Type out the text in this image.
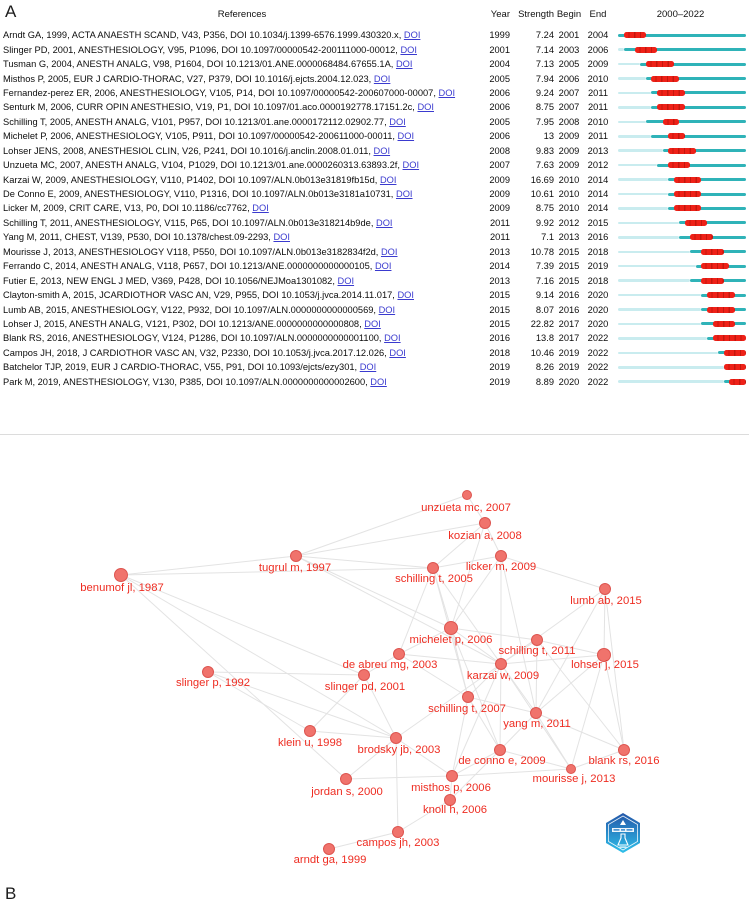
A	References	Year Strength Begin End	2000–2022
Arndt GA, 1999, ACTA ANAESTH SCAND, V43, P356, DOI 10.1034/j.1399-6576.1999.430320.x, DOI	1999	7.24 2001 2004
Slinger PD, 2001, ANESTHESIOLOGY, V95, P1096, DOI 10.1097/00000542-200111000-00012, DOI	2001	7.14 2003 2006
Tusman G, 2004, ANESTH ANALG, V98, P1604, DOI 10.1213/01.ANE.0000068484.67655.1A, DOI	2004	7.13 2005 2009
Misthos P, 2005, EUR J CARDIO-THORAC, V27, P379, DOI 10.1016/j.ejcts.2004.12.023, DOI	2005	7.94 2006 2010
Fernandez-perez ER, 2006, ANESTHESIOLOGY, V105, P14, DOI 10.1097/00000542-200607000-00007, DOI	2006	9.24 2007 2011
Senturk M, 2006, CURR OPIN ANESTHESIO, V19, P1, DOI 10.1097/01.aco.0000192778.17151.2c, DOI	2006	8.75 2007 2011
Schilling T, 2005, ANESTH ANALG, V101, P957, DOI 10.1213/01.ane.0000172112.02902.77, DOI	2005	7.95 2008 2010
Michelet P, 2006, ANESTHESIOLOGY, V105, P911, DOI 10.1097/00000542-200611000-00011, DOI	2006	13 2009 2011
Lohser JENS, 2008, ANESTHESIOL CLIN, V26, P241, DOI 10.1016/j.anclin.2008.01.011, DOI	2008	9.83 2009 2013
Unzueta MC, 2007, ANESTH ANALG, V104, P1029, DOI 10.1213/01.ane.0000260313.63893.2f, DOI	2007	7.63 2009 2012
Karzai W, 2009, ANESTHESIOLOGY, V110, P1402, DOI 10.1097/ALN.0b013e31819fb15d, DOI	2009	16.69 2010 2014
De Conno E, 2009, ANESTHESIOLOGY, V110, P1316, DOI 10.1097/ALN.0b013e3181a10731, DOI	2009	10.61 2010 2014
Licker M, 2009, CRIT CARE, V13, P0, DOI 10.1186/cc7762, DOI	2009	8.75 2010 2014
Schilling T, 2011, ANESTHESIOLOGY, V115, P65, DOI 10.1097/ALN.0b013e318214b9de, DOI	2011	9.92 2012 2015
Yang M, 2011, CHEST, V139, P530, DOI 10.1378/chest.09-2293, DOI	2011	7.1 2013 2016
Mourisse J, 2013, ANESTHESIOLOGY V118, P550, DOI 10.1097/ALN.0b013e3182834f2d, DOI	2013	10.78 2015 2018
Ferrando C, 2014, ANESTH ANALG, V118, P657, DOI 10.1213/ANE.0000000000000105, DOI	2014	7.39 2015 2019
Futier E, 2013, NEW ENGL J MED, V369, P428, DOI 10.1056/NEJMoa1301082, DOI	2013	7.16 2015 2018
Clayton-smith A, 2015, JCARDIOTHOR VASC AN, V29, P955, DOI 10.1053/j.jvca.2014.11.017, DOI	2015	9.14 2016 2020
Lumb AB, 2015, ANESTHESIOLOGY, V122, P932, DOI 10.1097/ALN.0000000000000569, DOI	2015	8.07 2016 2020
Lohser J, 2015, ANESTH ANALG, V121, P302, DOI 10.1213/ANE.0000000000000808, DOI	2015	22.82 2017 2020
Blank RS, 2016, ANESTHESIOLOGY, V124, P1286, DOI 10.1097/ALN.0000000000001100, DOI	2016	13.8 2017 2022
Campos JH, 2018, J CARDIOTHOR VASC AN, V32, P2330, DOI 10.1053/j.jvca.2017.12.026, DOI	2018	10.46 2019 2022
Batchelor TJP, 2019, EUR J CARDIO-THORAC, V55, P91, DOI 10.1093/ejcts/ezy301, DOI	2019	8.26 2019 2022
Park M, 2019, ANESTHESIOLOGY, V130, P385, DOI 10.1097/ALN.0000000000002600, DOI	2019	8.89 2020 2022
B
unzueta mc, 2007
kozian a, 2008
tugrul m, 1997	licker m, 2009
schilling t, 2005
benumof jl, 1987
lumb ab, 2015
michelet p, 2006
schilling t, 2011
de abreu mg, 2003	lohser j, 2015
karzai w, 2009
slinger p, 1992	slinger pd, 2001
schilling t, 2007
yang m, 2011
klein u, 1998
brodsky jb, 2003
de conno e, 2009	blank rs, 2016
mourisse j, 2013
misthos p, 2006
jordan s, 2000
knoll h, 2006
campos jh, 2003
arndt ga, 1999
